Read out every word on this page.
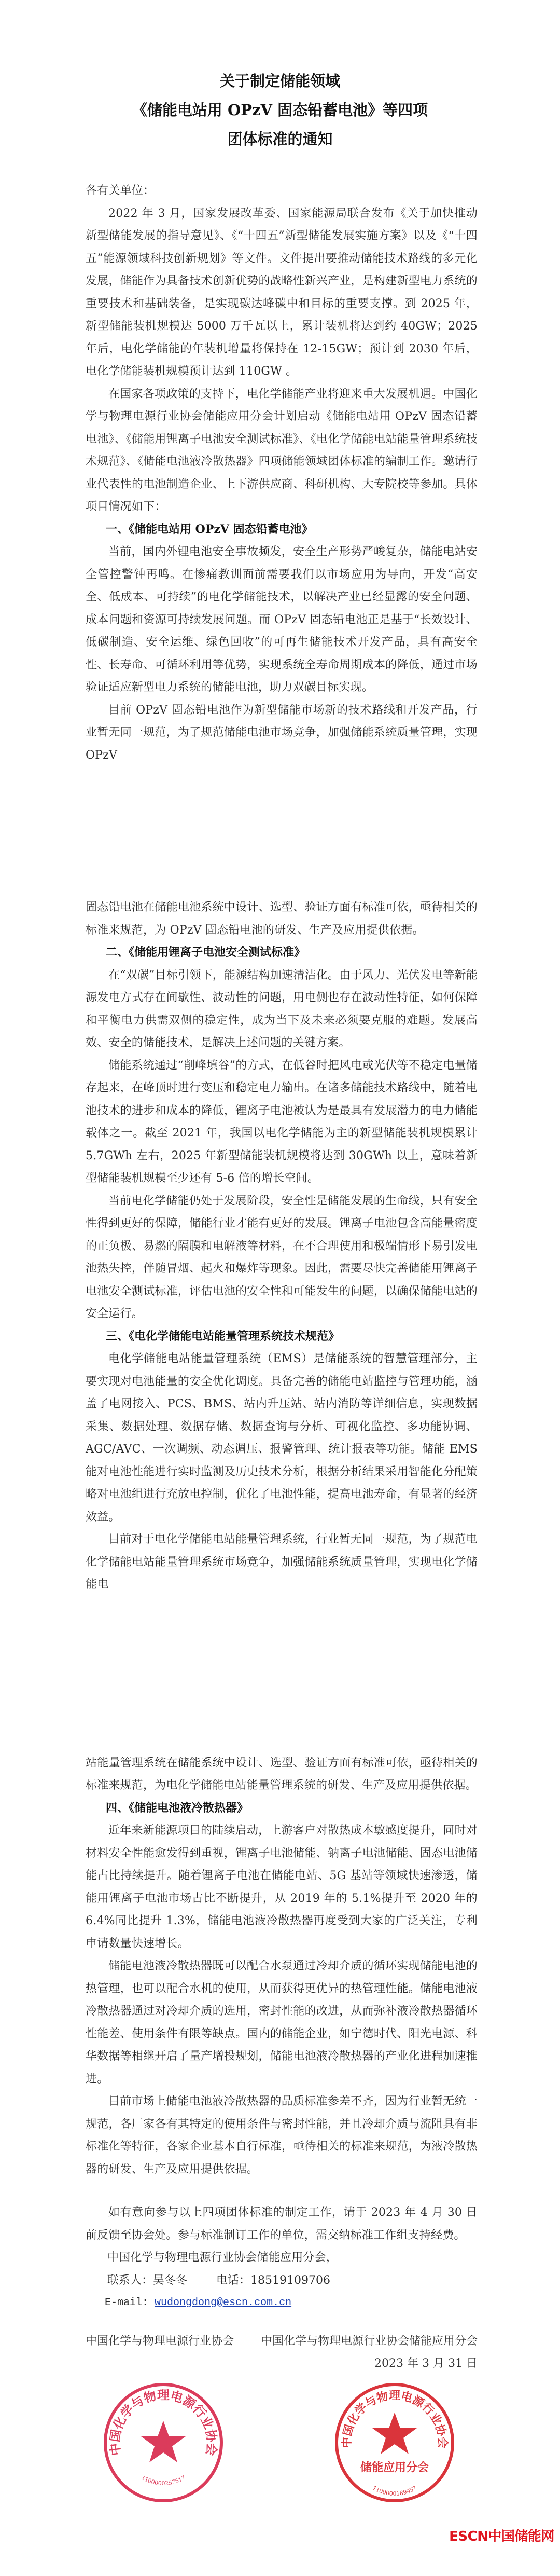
关于制定储能领域
《储能电站用 OPzV 固态铅蓄电池》等四项
团体标准的通知

各有关单位：

2022 年 3 月，国家发展改革委、国家能源局联合发布《关于加快推动新型储能发展的指导意见》、《“十四五”新型储能发展实施方案》以及《“十四五”能源领域科技创新规划》等文件。文件提出要推动储能技术路线的多元化发展，储能作为具备技术创新优势的战略性新兴产业，是构建新型电力系统的重要技术和基础装备，是实现碳达峰碳中和目标的重要支撑。到 2025 年，新型储能装机规模达 5000 万千瓦以上，累计装机将达到约 40GW；2025 年后，电化学储能的年装机增量将保持在 12-15GW；预计到 2030 年后，电化学储能装机规模预计达到 110GW 。

在国家各项政策的支持下，电化学储能产业将迎来重大发展机遇。中国化学与物理电源行业协会储能应用分会计划启动《储能电站用 OPzV 固态铅蓄电池》、《储能用锂离子电池安全测试标准》、《电化学储能电站能量管理系统技术规范》、《储能电池液冷散热器》四项储能领域团体标准的编制工作。邀请行业代表性的电池制造企业、上下游供应商、科研机构、大专院校等参加。具体项目情况如下：

一、《储能电站用 OPzV 固态铅蓄电池》

当前，国内外锂电池安全事故频发，安全生产形势严峻复杂，储能电站安全管控警钟再鸣。在惨痛教训面前需要我们以市场应用为导向，开发“高安全、低成本、可持续”的电化学储能技术，以解决产业已经显露的安全问题、成本问题和资源可持续发展问题。而 OPzV 固态铅电池正是基于“长效设计、低碳制造、安全运维、绿色回收”的可再生储能技术开发产品，具有高安全性、长寿命、可循环利用等优势，实现系统全寿命周期成本的降低，通过市场验证适应新型电力系统的储能电池，助力双碳目标实现。

目前 OPzV 固态铅电池作为新型储能市场新的技术路线和开发产品，行业暂无同一规范，为了规范储能电池市场竞争，加强储能系统质量管理，实现 OPzV

固态铅电池在储能电池系统中设计、选型、验证方面有标准可依，亟待相关的标准来规范，为 OPzV 固态铅电池的研发、生产及应用提供依据。

二、《储能用锂离子电池安全测试标准》

在“双碳”目标引领下，能源结构加速清洁化。由于风力、光伏发电等新能源发电方式存在间歇性、波动性的问题，用电侧也存在波动性特征，如何保障和平衡电力供需双侧的稳定性，成为当下及未来必须要克服的难题。发展高效、安全的储能技术，是解决上述问题的关键方案。

储能系统通过“削峰填谷”的方式，在低谷时把风电或光伏等不稳定电量储存起来，在峰顶时进行变压和稳定电力输出。在诸多储能技术路线中，随着电池技术的进步和成本的降低，锂离子电池被认为是最具有发展潜力的电力储能载体之一。截至 2021 年，我国以电化学储能为主的新型储能装机规模累计 5.7GWh 左右，2025 年新型储能装机规模将达到 30GWh 以上，意味着新型储能装机规模至少还有 5-6 倍的增长空间。

当前电化学储能仍处于发展阶段，安全性是储能发展的生命线，只有安全性得到更好的保障，储能行业才能有更好的发展。锂离子电池包含高能量密度的正负极、易燃的隔膜和电解液等材料，在不合理使用和极端情形下易引发电池热失控，伴随冒烟、起火和爆炸等现象。因此，需要尽快完善储能用锂离子电池安全测试标准，评估电池的安全性和可能发生的问题，以确保储能电站的安全运行。

三、《电化学储能电站能量管理系统技术规范》

电化学储能电站能量管理系统（EMS）是储能系统的智慧管理部分，主要实现对电池能量的安全优化调度。具备完善的储能电站监控与管理功能，涵盖了电网接入、PCS、BMS、站内升压站、站内消防等详细信息，实现数据采集、数据处理、数据存储、数据查询与分析、可视化监控、多功能协调、AGC/AVC、一次调频、动态调压、报警管理、统计报表等功能。储能 EMS 能对电池性能进行实时监测及历史技术分析，根据分析结果采用智能化分配策略对电池组进行充放电控制，优化了电池性能，提高电池寿命，有显著的经济效益。

目前对于电化学储能电站能量管理系统，行业暂无同一规范，为了规范电化学储能电站能量管理系统市场竞争，加强储能系统质量管理，实现电化学储能电

站能量管理系统在储能系统中设计、选型、验证方面有标准可依，亟待相关的标准来规范，为电化学储能电站能量管理系统的研发、生产及应用提供依据。

四、《储能电池液冷散热器》

近年来新能源项目的陆续启动，上游客户对散热成本敏感度提升，同时对材料安全性能愈发得到重视，锂离子电池储能、钠离子电池储能、固态电池储能占比持续提升。随着锂离子电池在储能电站、5G 基站等领域快速渗透，储能用锂离子电池市场占比不断提升，从 2019 年的 5.1%提升至 2020 年的 6.4%同比提升 1.3%，储能电池液冷散热器再度受到大家的广泛关注，专利申请数量快速增长。

储能电池液冷散热器既可以配合水泵通过冷却介质的循环实现储能电池的热管理，也可以配合水机的使用，从而获得更优异的热管理性能。储能电池液冷散热器通过对冷却介质的选用，密封性能的改进，从而弥补液冷散热器循环性能差、使用条件有限等缺点。国内的储能企业，如宁德时代、阳光电源、科华数据等相继开启了量产增投规划，储能电池液冷散热器的产业化进程加速推进。

目前市场上储能电池液冷散热器的品质标准参差不齐，因为行业暂无统一规范，各厂家各有其特定的使用条件与密封性能，并且冷却介质与流阻具有非标准化等特征，各家企业基本自行标准，亟待相关的标准来规范，为液冷散热器的研发、生产及应用提供依据。

如有意向参与以上四项团体标准的制定工作，请于 2023 年 4 月 30 日前反馈至协会处。参与标准制订工作的单位，需交纳标准工作组支持经费。

中国化学与物理电源行业协会储能应用分会，
联系人：吴冬冬	电话：18519109706
E-mail: wudongdong@escn.com.cn
中国化学与物理电源行业协会 中国化学与物理电源行业协会储能应用分会
2023 年 3 月 31 日
中国化学与物理电源行业协会
1100000257517
中国化学与物理电源行业协会
储能应用分会
1100000189957
ESCN中国储能网
